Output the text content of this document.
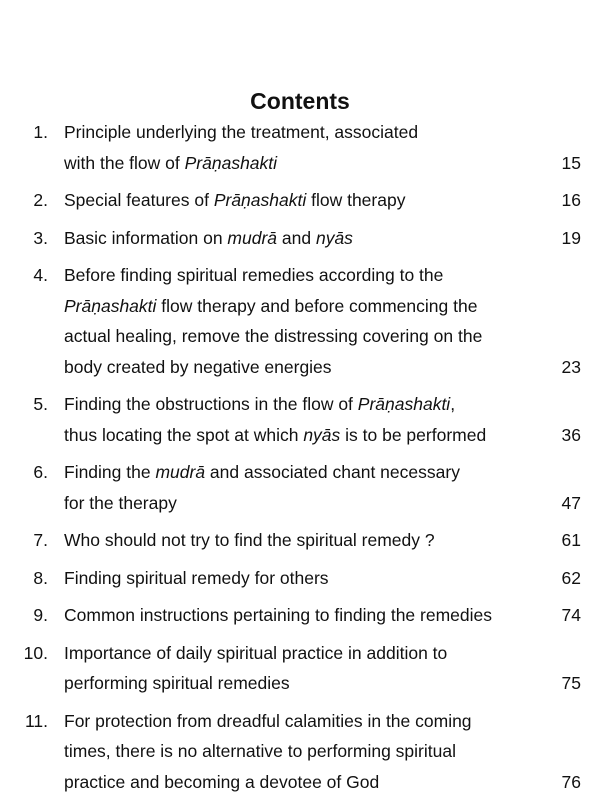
Contents
1. Principle underlying the treatment, associated
with the flow of Prāṇashakti	15
2. Special features of Prāṇashakti flow therapy	16
3. Basic information on mudrā and nyās	19
4. Before finding spiritual remedies according to the
Prāṇashakti flow therapy and before commencing the
actual healing, remove the distressing covering on the
body created by negative energies	23
5. Finding the obstructions in the flow of Prāṇashakti,
thus locating the spot at which nyās is to be performed	36
6. Finding the mudrā and associated chant necessary
for the therapy	47
7. Who should not try to find the spiritual remedy ?	61
8. Finding spiritual remedy for others	62
9. Common instructions pertaining to finding the remedies	74
10. Importance of daily spiritual practice in addition to
performing spiritual remedies	75
11. For protection from dreadful calamities in the coming
times, there is no alternative to performing spiritual
practice and becoming a devotee of God	76
